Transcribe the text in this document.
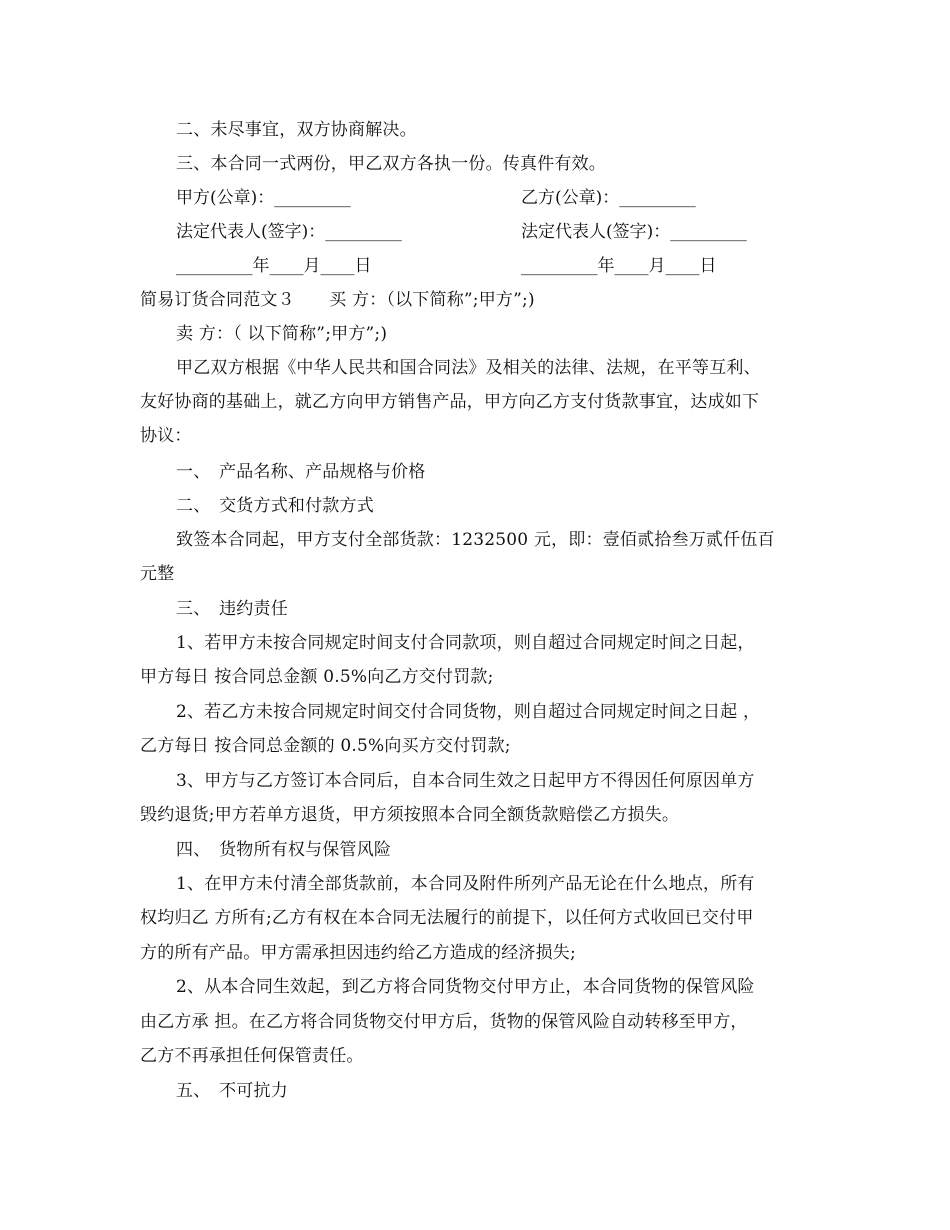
二、未尽事宜，双方协商解决。
三、本合同一式两份，甲乙双方各执一份。传真件有效。
甲方(公章)：_________	乙方(公章)：_________
法定代表人(签字)：_________	法定代表人(签字)：_________
_________年____月____日	_________年____月____日
简易订货合同范文３　　买 方：（以下简称”;甲方”;)
卖 方：（ 以下简称”;甲方”;)
甲乙双方根据《中华人民共和国合同法》及相关的法律、法规，在平等互利、
友好协商的基础上，就乙方向甲方销售产品，甲方向乙方支付货款事宜，达成如下
协议：
一、　产品名称、产品规格与价格
二、　交货方式和付款方式
致签本合同起，甲方支付全部货款：1232500 元，即：壹佰贰拾叁万贰仟伍百
元整
三、　违约责任
1、若甲方未按合同规定时间支付合同款项，则自超过合同规定时间之日起，
甲方每日 按合同总金额 0.5%向乙方交付罚款;
2、若乙方未按合同规定时间交付合同货物，则自超过合同规定时间之日起 ，
乙方每日 按合同总金额的 0.5%向买方交付罚款;
3、甲方与乙方签订本合同后，自本合同生效之日起甲方不得因任何原因单方
毁约退货;甲方若单方退货，甲方须按照本合同全额货款赔偿乙方损失。
四、　货物所有权与保管风险
1、在甲方未付清全部货款前，本合同及附件所列产品无论在什么地点，所有
权均归乙 方所有;乙方有权在本合同无法履行的前提下，以任何方式收回已交付甲
方的所有产品。甲方需承担因违约给乙方造成的经济损失;
2、从本合同生效起，到乙方将合同货物交付甲方止，本合同货物的保管风险
由乙方承 担。在乙方将合同货物交付甲方后，货物的保管风险自动转移至甲方，
乙方不再承担任何保管责任。
五、　不可抗力
